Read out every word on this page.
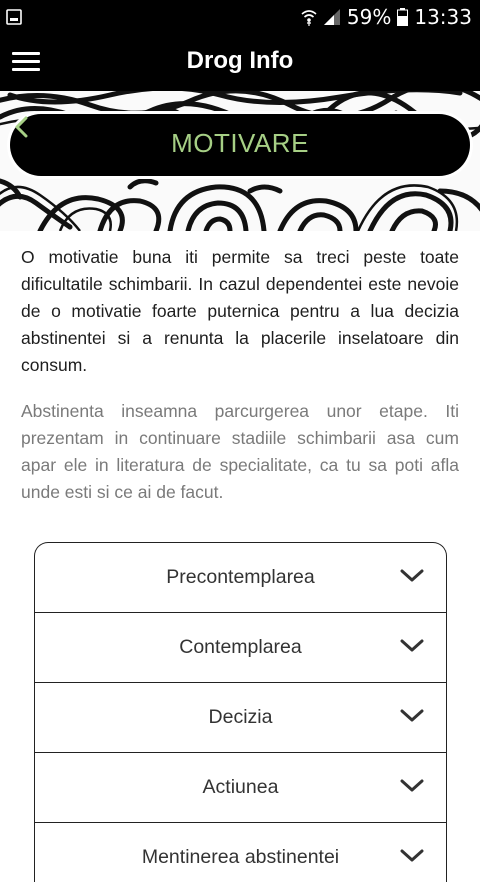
59% 13:33
Drog Info
MOTIVARE
O motivatie buna iti permite sa treci peste toate dificultatile schimbarii. In cazul dependentei este nevoie de o motivatie foarte puternica pentru a lua decizia abstinentei si a renunta la placerile inselatoare din consum.
Abstinenta inseamna parcurgerea unor etape. Iti prezentam in continuare stadiile schimbarii asa cum apar ele in literatura de specialitate, ca tu sa poti afla unde esti si ce ai de facut.
Precontemplarea
Contemplarea
Decizia
Actiunea
Mentinerea abstinentei
